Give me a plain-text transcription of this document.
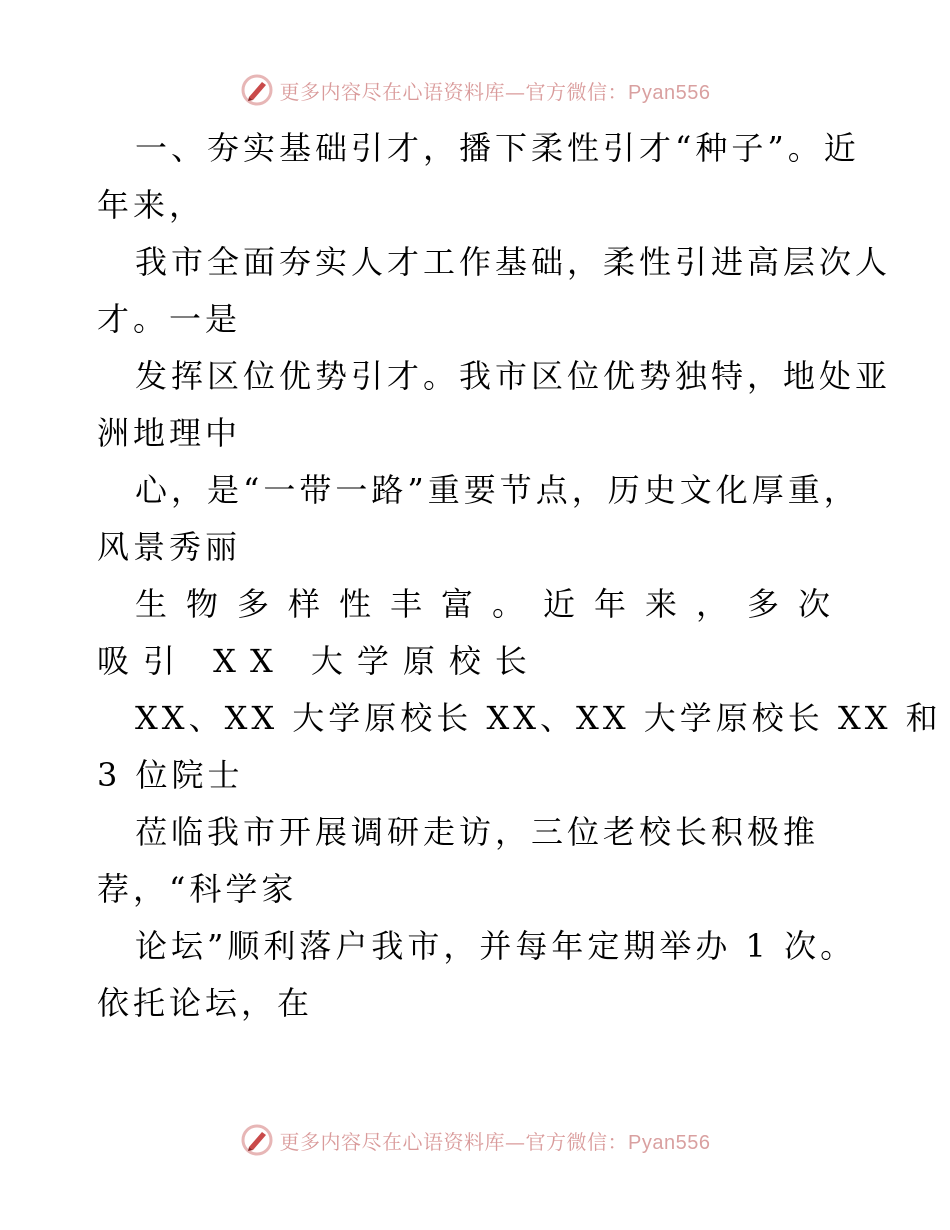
更多内容尽在心语资料库—官方微信：Pyan556
一、夯实基础引才，播下柔性引才“种子”。近
年来，
我市全面夯实人才工作基础，柔性引进高层次人
才。一是
发挥区位优势引才。我市区位优势独特，地处亚
洲地理中
心，是“一带一路”重要节点，历史文化厚重，
风景秀丽
生物多样性丰富。近年来，多次
吸引 XX 大学原校长
XX、XX 大学原校长 XX、XX 大学原校长 XX 和
3 位院士
莅临我市开展调研走访，三位老校长积极推
荐，“科学家
论坛”顺利落户我市，并每年定期举办 1 次。
依托论坛，在
更多内容尽在心语资料库—官方微信：Pyan556
